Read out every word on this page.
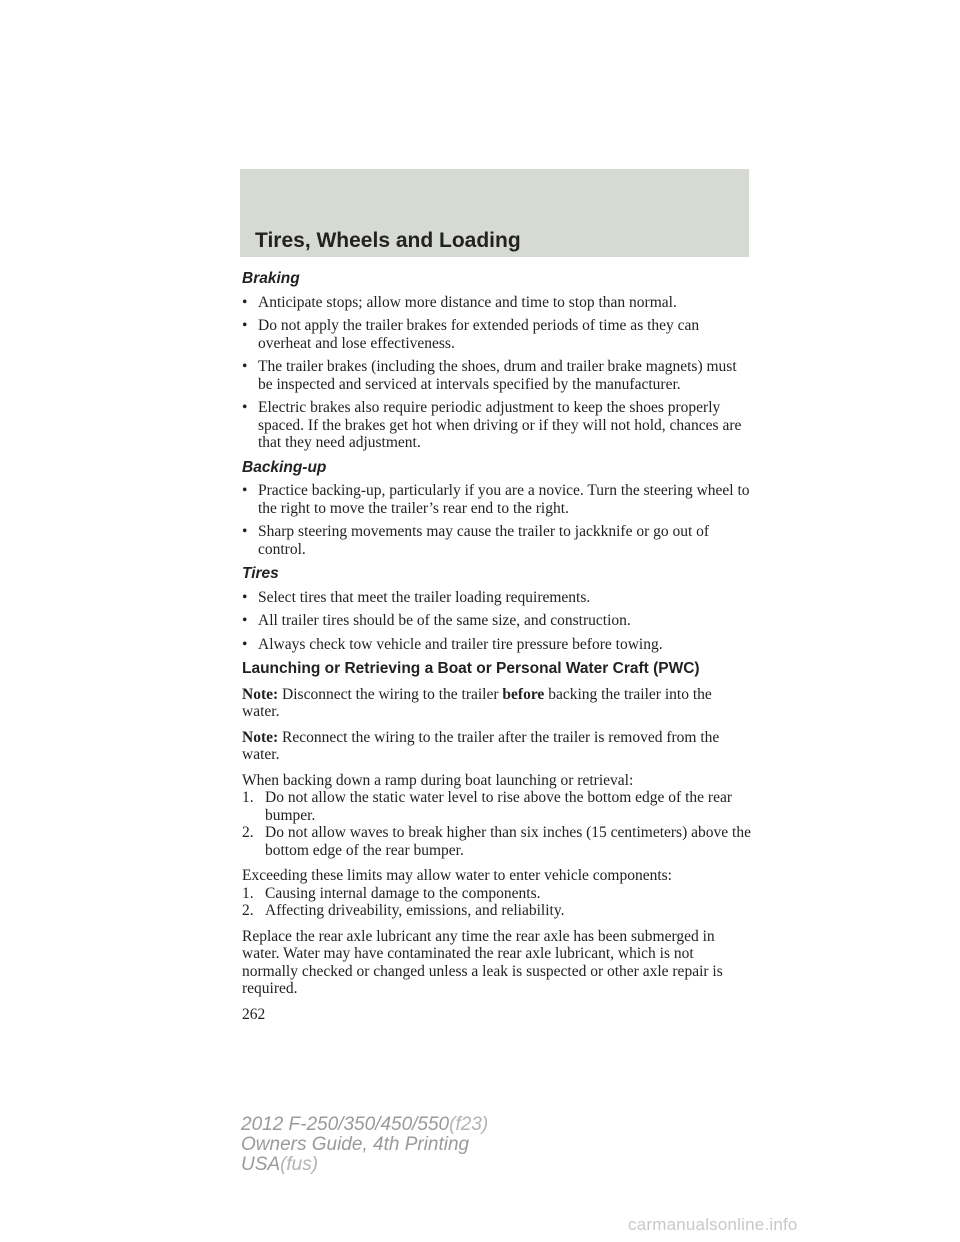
Tires, Wheels and Loading
Braking
• Anticipate stops; allow more distance and time to stop than normal.
• Do not apply the trailer brakes for extended periods of time as they can overheat and lose effectiveness.
• The trailer brakes (including the shoes, drum and trailer brake magnets) must be inspected and serviced at intervals specified by the manufacturer.
• Electric brakes also require periodic adjustment to keep the shoes properly spaced. If the brakes get hot when driving or if they will not hold, chances are that they need adjustment.
Backing-up
• Practice backing-up, particularly if you are a novice. Turn the steering wheel to the right to move the trailer’s rear end to the right.
• Sharp steering movements may cause the trailer to jackknife or go out of control.
Tires
• Select tires that meet the trailer loading requirements.
• All trailer tires should be of the same size, and construction.
• Always check tow vehicle and trailer tire pressure before towing.
Launching or Retrieving a Boat or Personal Water Craft (PWC)

Note: Disconnect the wiring to the trailer before backing the trailer into the water.

Note: Reconnect the wiring to the trailer after the trailer is removed from the water.

When backing down a ramp during boat launching or retrieval:
1. Do not allow the static water level to rise above the bottom edge of the rear bumper.
2. Do not allow waves to break higher than six inches (15 centimeters) above the bottom edge of the rear bumper.
Exceeding these limits may allow water to enter vehicle components:
1. Causing internal damage to the components.
2. Affecting driveability, emissions, and reliability.

Replace the rear axle lubricant any time the rear axle has been submerged in water. Water may have contaminated the rear axle lubricant, which is not normally checked or changed unless a leak is suspected or other axle repair is required.

262
2012 F-250/350/450/550(f23)
Owners Guide, 4th Printing
USA(fus)
carmanualsonline.info
